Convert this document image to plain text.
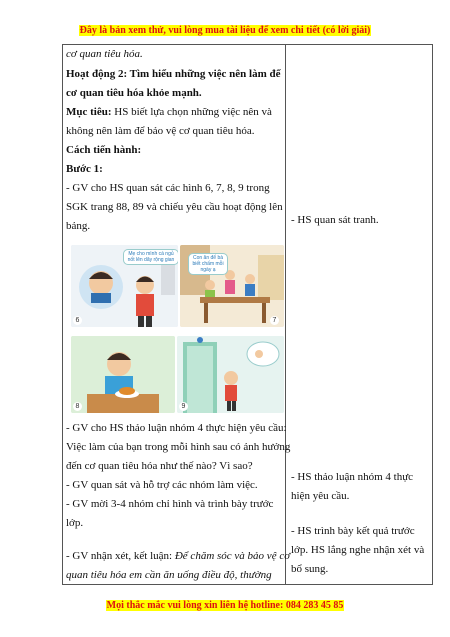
Đây là bản xem thử, vui lòng mua tài liệu để xem chi tiết (có lời giải)
cơ quan tiêu hóa.
Hoạt động 2: Tìm hiểu những việc nên làm để
cơ quan tiêu hóa khỏe mạnh.
Mục tiêu: HS biết lựa chọn những việc nên và
không nên làm để bảo vệ cơ quan tiêu hóa.
Cách tiến hành:
Bước 1:
- GV cho HS quan sát các hình 6, 7, 8, 9 trong
SGK trang 88, 89 và chiếu yêu cầu hoạt động lên
bảng.
Mẹ cho mình cá ngủ nốt lên dãy rộng gian
6
Con ăn để bà biết chấm mỗi ngày ạ
7
8	9
- GV cho HS thảo luận nhóm 4 thực hiện yêu cầu:
Việc làm của bạn trong mỗi hình sau có ảnh hưởng
đến cơ quan tiêu hóa như thế nào? Vì sao?
- GV quan sát và hỗ trợ các nhóm làm việc.
- GV mời 3-4 nhóm chỉ hình và trình bày trước
lớp.
- GV nhận xét, kết luận: Để chăm sóc và bảo vệ cơ
quan tiêu hóa em cần ăn uống điều độ, thường
- HS quan sát tranh.
- HS thảo luận nhóm 4 thực
hiện yêu cầu.
- HS trình bày kết quả trước
lớp. HS lắng nghe nhận xét và
bổ sung.
Mọi thắc mắc vui lòng xin liên hệ hotline: 084 283 45 85
